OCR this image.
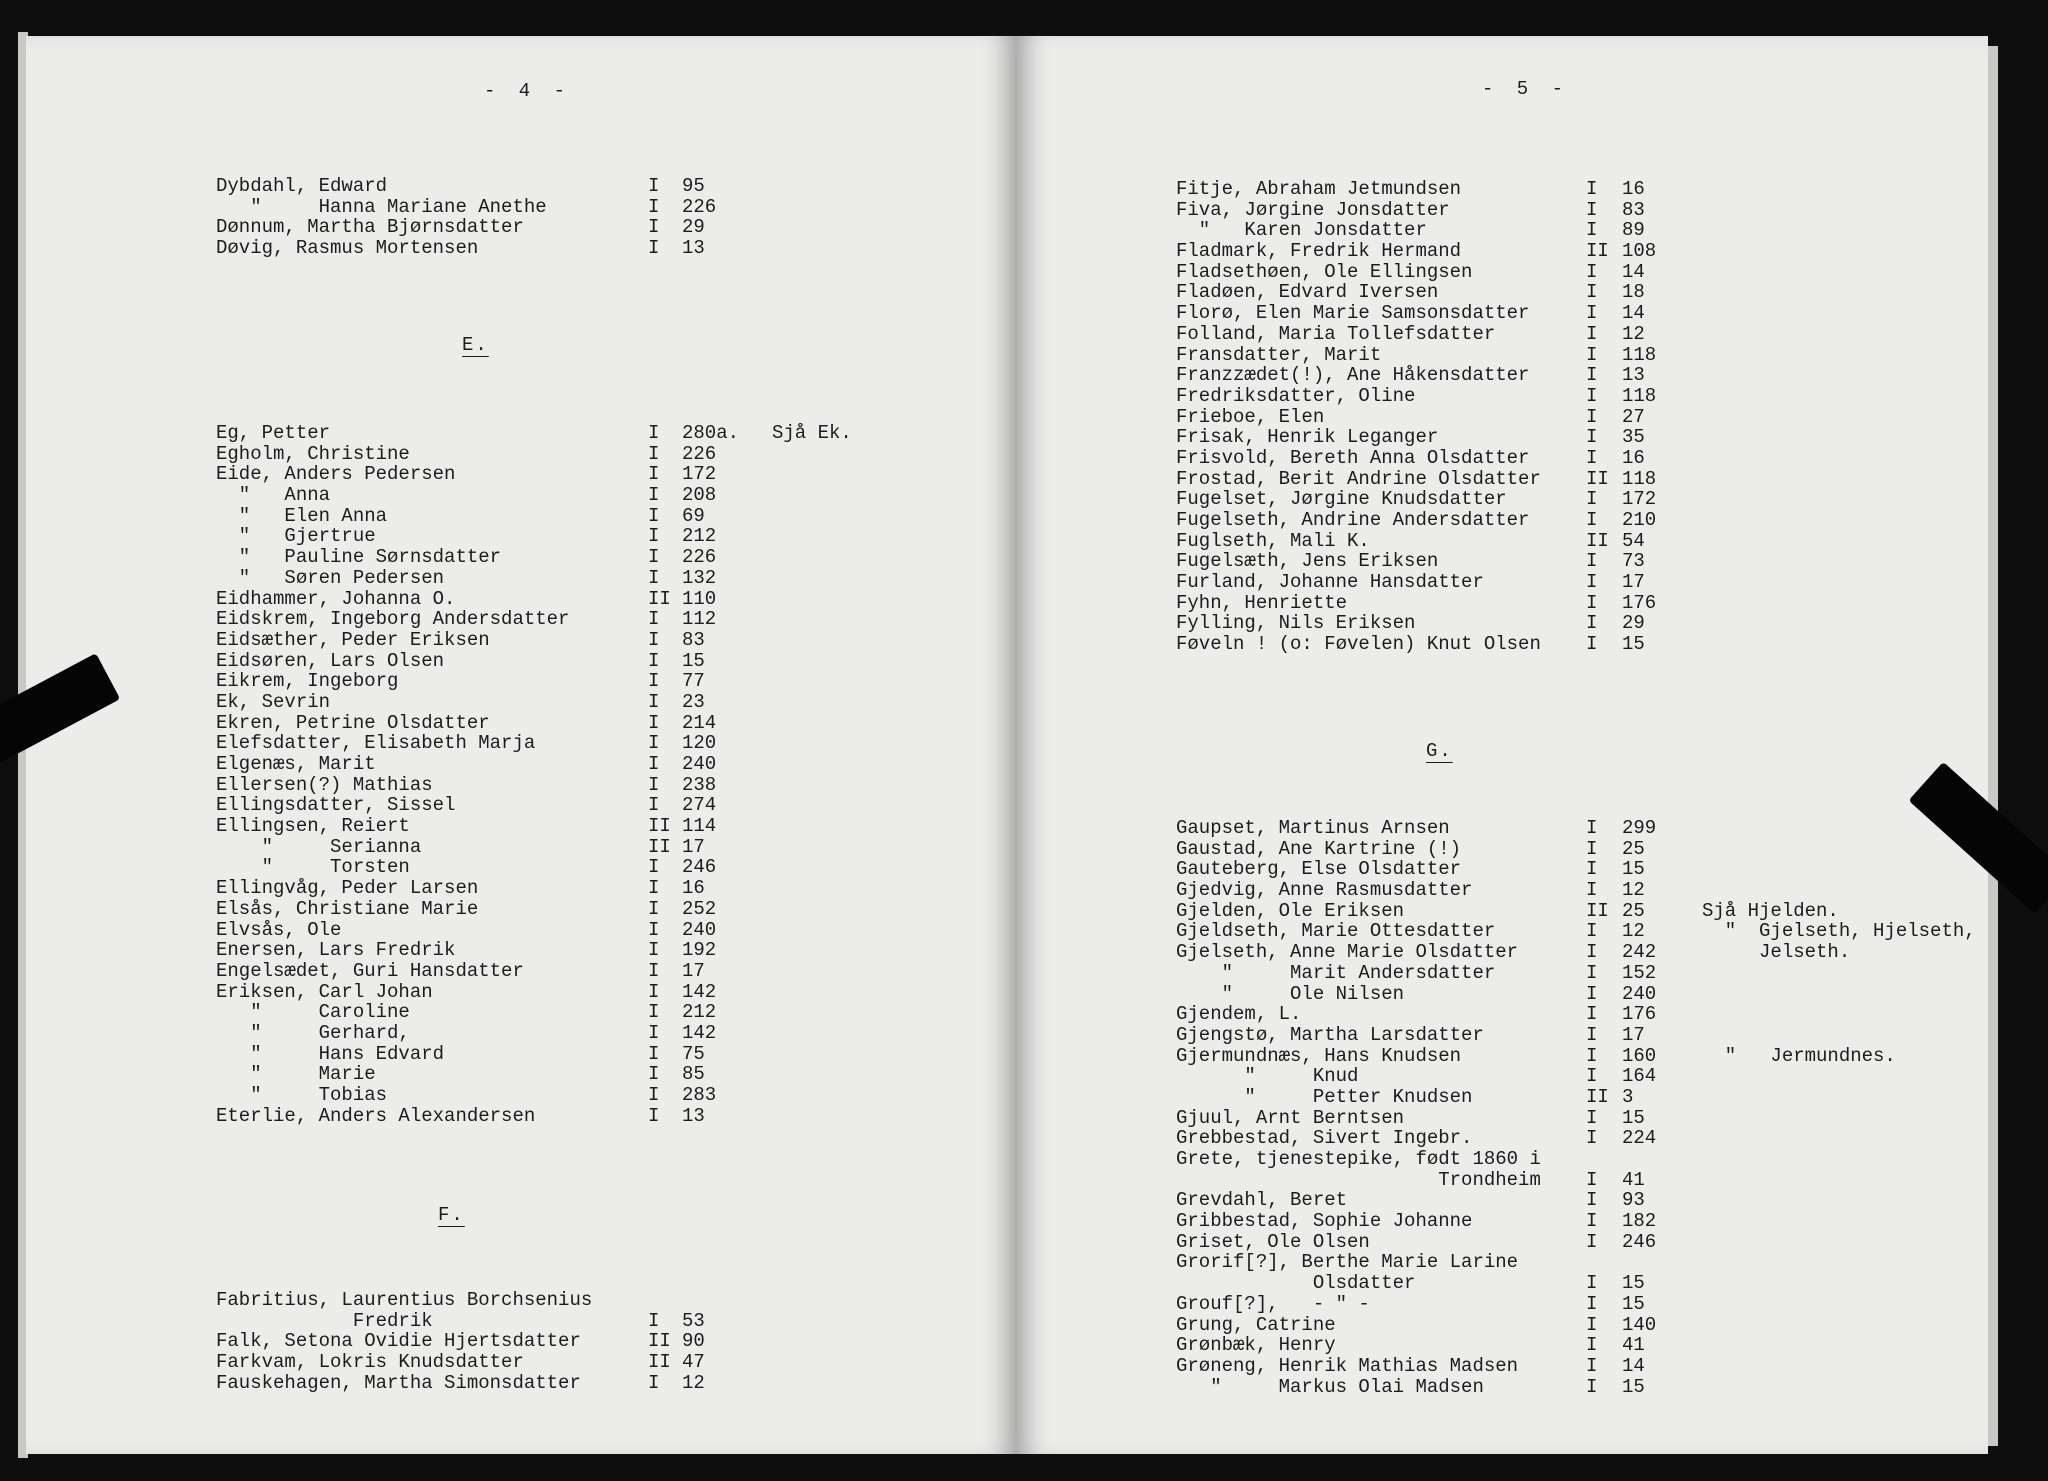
- 4 -
Dybdahl, Edward	I 95
"     Hanna Mariane Anethe	I 226
Dønnum, Martha Bjørnsdatter	I 29
Døvig, Rasmus Mortensen	I 13
E.
Eg, Petter	I 280a. Sjå Ek.
Egholm, Christine	I 226
Eide, Anders Pedersen	I 172
"   Anna	I 208
"   Elen Anna	I 69
"   Gjertrue	I 212
"   Pauline Sørnsdatter	I 226
"   Søren Pedersen	I 132
Eidhammer, Johanna O.	II 110
Eidskrem, Ingeborg Andersdatter	I 112
Eidsæther, Peder Eriksen	I 83
Eidsøren, Lars Olsen	I 15
Eikrem, Ingeborg	I 77
Ek, Sevrin	I 23
Ekren, Petrine Olsdatter	I 214
Elefsdatter, Elisabeth Marja	I 120
Elgenæs, Marit	I 240
Ellersen(?) Mathias	I 238
Ellingsdatter, Sissel	I 274
Ellingsen, Reiert	II 114
"     Serianna	II 17
"     Torsten	I 246
Ellingvåg, Peder Larsen	I 16
Elsås, Christiane Marie	I 252
Elvsås, Ole	I 240
Enersen, Lars Fredrik	I 192
Engelsædet, Guri Hansdatter	I 17
Eriksen, Carl Johan	I 142
"     Caroline	I 212
"     Gerhard,	I 142
"     Hans Edvard	I 75
"     Marie	I 85
"     Tobias	I 283
Eterlie, Anders Alexandersen	I 13
F.
Fabritius, Laurentius Borchsenius
Fredrik	I 53
Falk, Setona Ovidie Hjertsdatter	II 90
Farkvam, Lokris Knudsdatter	II 47
Fauskehagen, Martha Simonsdatter	I 12
- 5 -
Fitje, Abraham Jetmundsen	I 16
Fiva, Jørgine Jonsdatter	I 83
"   Karen Jonsdatter	I 89
Fladmark, Fredrik Hermand	II 108
Fladsethøen, Ole Ellingsen	I 14
Fladøen, Edvard Iversen	I 18
Florø, Elen Marie Samsonsdatter	I 14
Folland, Maria Tollefsdatter	I 12
Fransdatter, Marit	I 118
Franzzædet(!), Ane Håkensdatter	I 13
Fredriksdatter, Oline	I 118
Frieboe, Elen	I 27
Frisak, Henrik Leganger	I 35
Frisvold, Bereth Anna Olsdatter	I 16
Frostad, Berit Andrine Olsdatter II 118
Fugelset, Jørgine Knudsdatter	I 172
Fugelseth, Andrine Andersdatter	I 210
Fuglseth, Mali K.	II 54
Fugelsæth, Jens Eriksen	I 73
Furland, Johanne Hansdatter	I 17
Fyhn, Henriette	I 176
Fylling, Nils Eriksen	I 29
Føveln ! (o: Føvelen) Knut Olsen I 15
G.
Gaupset, Martinus Arnsen	I 299
Gaustad, Ane Kartrine (!)	I 25
Gauteberg, Else Olsdatter	I 15
Gjedvig, Anne Rasmusdatter	I 12
Gjelden, Ole Eriksen	II 25	Sjå Hjelden.
Gjeldseth, Marie Ottesdatter	I 12	"  Gjelseth, Hjelseth,
Gjelseth, Anne Marie Olsdatter	I 242 Jelseth.
"     Marit Andersdatter	I 152
"     Ole Nilsen	I 240
Gjendem, L.	I 176
Gjengstø, Martha Larsdatter	I 17
Gjermundnæs, Hans Knudsen	I 160 "   Jermundnes.
"     Knud	I 164
"     Petter Knudsen	II 3
Gjuul, Arnt Berntsen	I 15
Grebbestad, Sivert Ingebr.	I 224
Grete, tjenestepike, født 1860 i
Trondheim I 41
Grevdahl, Beret	I 93
Gribbestad, Sophie Johanne	I 182
Griset, Ole Olsen	I 246
Grorif[?], Berthe Marie Larine
Olsdatter	I 15
Grouf[?],   - " -	I 15
Grung, Catrine	I 140
Grønbæk, Henry	I 41
Grøneng, Henrik Mathias Madsen	I 14
"     Markus Olai Madsen	I 15
